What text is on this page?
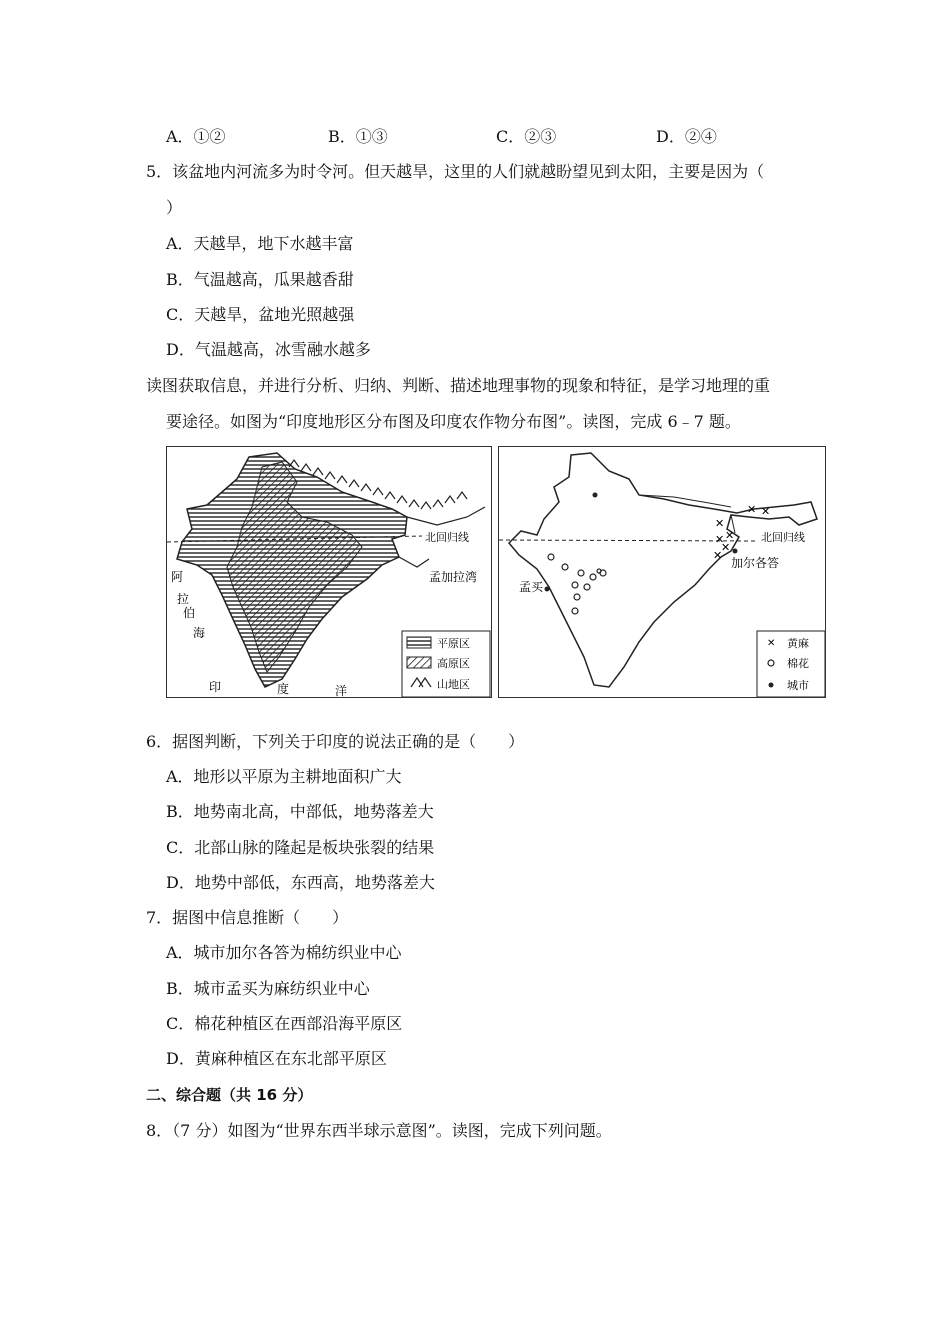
A．①②	B．①③	C．②③	D．②④
5．该盆地内河流多为时令河。但天越旱，这里的人们就越盼望见到太阳，主要是因为（
）
A．天越旱，地下水越丰富
B．气温越高，瓜果越香甜
C．天越旱，盆地光照越强
D．气温越高，冰雪融水越多
读图获取信息，并进行分析、归纳、判断、描述地理事物的现象和特征，是学习地理的重
要途径。如图为“印度地形区分布图及印度农作物分布图”。读图，完成 6﹣7 题。
北回归线
孟加拉湾
阿
拉
伯
海
印	度	洋
平原区
高原区
山地区
北回归线
✕ ✕
✕
✕
✕
✕
✕
孟买
加尔各答
✕ 黄麻
棉花
城市
6．据图判断，下列关于印度的说法正确的是（　　）
A．地形以平原为主耕地面积广大
B．地势南北高，中部低，地势落差大
C．北部山脉的隆起是板块张裂的结果
D．地势中部低，东西高，地势落差大
7．据图中信息推断（　　）
A．城市加尔各答为棉纺织业中心
B．城市孟买为麻纺织业中心
C．棉花种植区在西部沿海平原区
D．黄麻种植区在东北部平原区
二、综合题（共 16 分）
8．（7 分）如图为“世界东西半球示意图”。读图，完成下列问题。
